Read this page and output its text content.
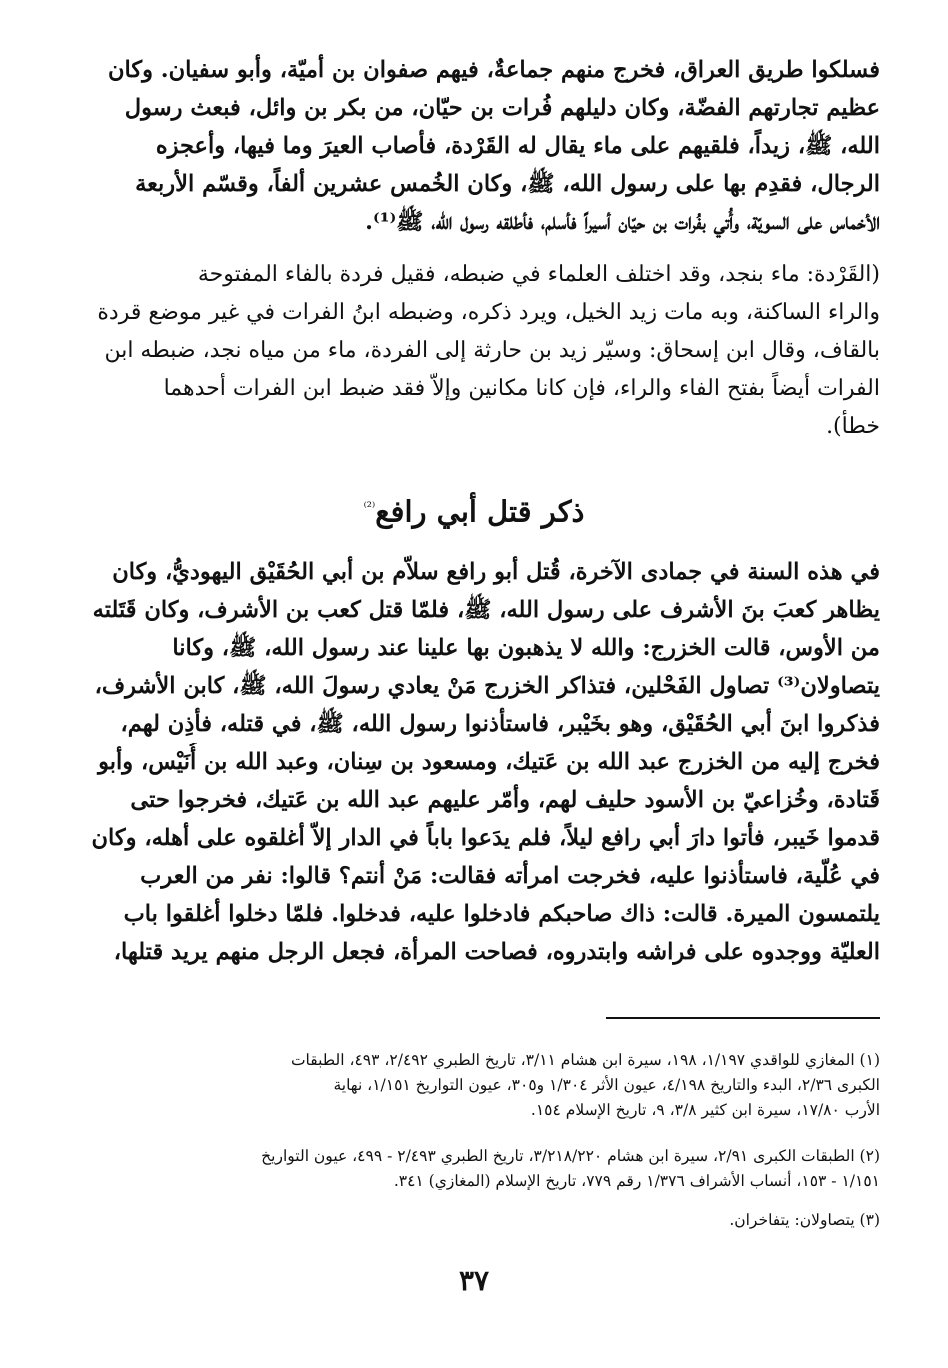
فسلكوا طريق العراق، فخرج منهم جماعةٌ، فيهم صفوان بن أميّة، وأبو سفيان. وكان
عظيم تجارتهم الفضّة، وكان دليلهم فُرات بن حيّان، من بكر بن وائل، فبعث رسول
الله، ﷺ، زيداً، فلقيهم على ماء يقال له القَرْدة، فأصاب العيرَ وما فيها، وأعجزه
الرجال، فقدِم بها على رسول الله، ﷺ، وكان الخُمس عشرين ألفاً، وقسّم الأربعة
الأخماس على السويّة، وأُتي بفُرات بن حيّان أسيراً فأسلم، فأطلقه رسول الله، ﷺ⁽¹⁾.
(القَرْدة: ماء بنجد، وقد اختلف العلماء في ضبطه، فقيل فردة بالفاء المفتوحة
والراء الساكنة، وبه مات زيد الخيل، ويرد ذكره، وضبطه ابنُ الفرات في غير موضع قردة
بالقاف، وقال ابن إسحاق: وسيّر زيد بن حارثة إلى الفردة، ماء من مياه نجد، ضبطه ابن
الفرات أيضاً بفتح الفاء والراء، فإن كانا مكانين وإلاّ فقد ضبط ابن الفرات أحدهما
خطأ).
ذكر قتل أبي رافع$^{^{(2)}}$
في هذه السنة في جمادى الآخرة، قُتل أبو رافع سلاّم بن أبي الحُقَيْق اليهوديُّ، وكان
يظاهر كعبَ بنَ الأشرف على رسول الله، ﷺ، فلمّا قتل كعب بن الأشرف، وكان قَتَلته
من الأوس، قالت الخزرج: والله لا يذهبون بها علينا عند رسول الله، ﷺ، وكانا
يتصاولان⁽³⁾ تصاول الفَحْلين، فتذاكر الخزرج مَنْ يعادي رسولَ الله، ﷺ، كابن الأشرف،
فذكروا ابنَ أبي الحُقَيْق، وهو بخَيْبر، فاستأذنوا رسول الله، ﷺ، في قتله، فأذِن لهم،
فخرج إليه من الخزرج عبد الله بن عَتيك، ومسعود بن سِنان، وعبد الله بن أُنَيْس، وأبو
قَتادة، وخُزاعيّ بن الأسود حليف لهم، وأمّر عليهم عبد الله بن عَتيك، فخرجوا حتى
قدموا خَيبر، فأتوا دارَ أبي رافع ليلاً، فلم يدَعوا باباً في الدار إلاّ أغلقوه على أهله، وكان
في عُلّية، فاستأذنوا عليه، فخرجت امرأته فقالت: مَنْ أنتم؟ قالوا: نفر من العرب
يلتمسون الميرة. قالت: ذاك صاحبكم فادخلوا عليه، فدخلوا. فلمّا دخلوا أغلقوا باب
العليّة ووجدوه على فراشه وابتدروه، فصاحت المرأة، فجعل الرجل منهم يريد قتلها،
(١) المغازي للواقدي ١/١٩٧، ١٩٨، سيرة ابن هشام ٣/١١، تاريخ الطبري ٢/٤٩٢، ٤٩٣، الطبقات
الكبرى ٢/٣٦، البدء والتاريخ ٤/١٩٨، عيون الأثر ١/٣٠٤ و٣٠٥، عيون التواريخ ١/١٥١، نهاية
الأرب ١٧/٨٠، سيرة ابن كثير ٣/٨، ٩، تاريخ الإسلام ١٥٤.
(٢) الطبقات الكبرى ٢/٩١، سيرة ابن هشام ٣/٢١٨/٢٢٠، تاريخ الطبري ٢/٤٩٣ - ٤٩٩، عيون التواريخ
١/١٥١ - ١٥٣، أنساب الأشراف ١/٣٧٦ رقم ٧٧٩، تاريخ الإسلام (المغازي) ٣٤١.
(٣) يتصاولان: يتفاخران.
٣٧
